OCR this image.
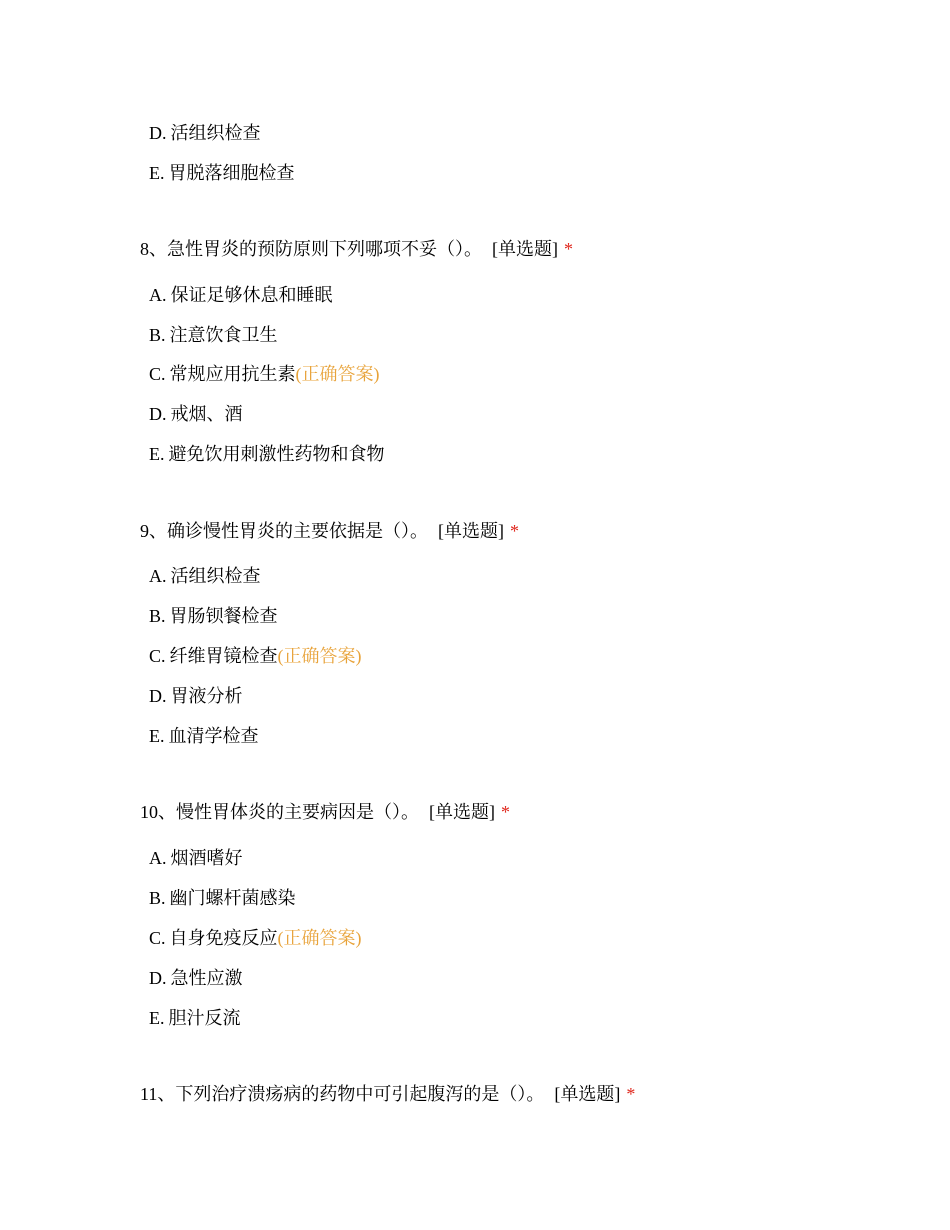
D. 活组织检查
E. 胃脱落细胞检查
8、急性胃炎的预防原则下列哪项不妥（）。 [单选题] *
A. 保证足够休息和睡眠
B. 注意饮食卫生
C. 常规应用抗生素(正确答案)
D. 戒烟、酒
E. 避免饮用刺激性药物和食物
9、确诊慢性胃炎的主要依据是（）。 [单选题] *
A. 活组织检查
B. 胃肠钡餐检查
C. 纤维胃镜检查(正确答案)
D. 胃液分析
E. 血清学检查
10、慢性胃体炎的主要病因是（）。 [单选题] *
A. 烟酒嗜好
B. 幽门螺杆菌感染
C. 自身免疫反应(正确答案)
D. 急性应激
E. 胆汁反流
11、下列治疗溃疡病的药物中可引起腹泻的是（）。 [单选题] *
